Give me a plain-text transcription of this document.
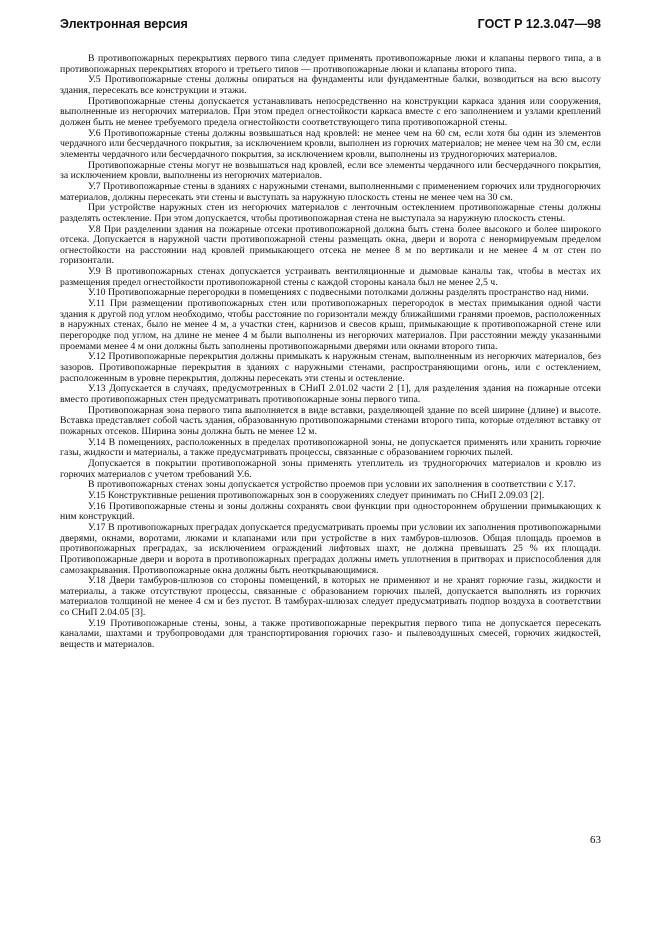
Электронная версия	ГОСТ Р 12.3.047—98

В противопожарных перекрытиях первого типа следует применять противопожарные люки и клапаны первого типа, а в противопожарных перекрытиях второго и третьего типов — противопожарные люки и клапаны второго типа.

У.5 Противопожарные стены должны опираться на фундаменты или фундаментные балки, возводиться на всю высоту здания, пересекать все конструкции и этажи.

Противопожарные стены допускается устанавливать непосредственно на конструкции каркаса здания или сооружения, выполненные из негорючих материалов. При этом предел огнестойкости каркаса вместе с его заполнением и узлами креплений должен быть не менее требуемого предела огнестойкости соответствующего типа противопожарной стены.

У.6 Противопожарные стены должны возвышаться над кровлей: не менее чем на 60 см, если хотя бы один из элементов чердачного или бесчердачного покрытия, за исключением кровли, выполнен из горючих материалов; не менее чем на 30 см, если элементы чердачного или бесчердачного покрытия, за исключением кровли, выполнены из трудногорючих материалов.

Противопожарные стены могут не возвышаться над кровлей, если все элементы чердачного или бесчердачного покрытия, за исключением кровли, выполнены из негорючих материалов.

У.7 Противопожарные стены в зданиях с наружными стенами, выполненными с применением горючих или трудногорючих материалов, должны пересекать эти стены и выступать за наружную плоскость стены не менее чем на 30 см.

При устройстве наружных стен из негорючих материалов с ленточным остеклением противопожарные стены должны разделять остекление. При этом допускается, чтобы противопожарная стена не выступала за наружную плоскость стены.

У.8 При разделении здания на пожарные отсеки противопожарной должна быть стена более высокого и более широкого отсека. Допускается в наружной части противопожарной стены размещать окна, двери и ворота с ненормируемым пределом огнестойкости на расстоянии над кровлей примыкающего отсека не менее 8 м по вертикали и не менее 4 м от стен по горизонтали.

У.9 В противопожарных стенах допускается устраивать вентиляционные и дымовые каналы так, чтобы в местах их размещения предел огнестойкости противопожарной стены с каждой стороны канала был не менее 2,5 ч.

У.10 Противопожарные перегородки в помещениях с подвесными потолками должны разделять пространство над ними.

У.11 При размещении противопожарных стен или противопожарных перегородок в местах примыкания одной части здания к другой под углом необходимо, чтобы расстояние по горизонтали между ближайшими гранями проемов, расположенных в наружных стенах, было не менее 4 м, а участки стен, карнизов и свесов крыш, примыкающие к противопожарной стене или перегородке под углом, на длине не менее 4 м были выполнены из негорючих материалов. При расстоянии между указанными проемами менее 4 м они должны быть заполнены противопожарными дверями или окнами второго типа.

У.12 Противопожарные перекрытия должны примыкать к наружным стенам, выполненным из негорючих материалов, без зазоров. Противопожарные перекрытия в зданиях с наружными стенами, распространяющими огонь, или с остеклением, расположенным в уровне перекрытия, должны пересекать эти стены и остекление.

У.13 Допускается в случаях, предусмотренных в СНиП 2.01.02 части 2 [1], для разделения здания на пожарные отсеки вместо противопожарных стен предусматривать противопожарные зоны первого типа.

Противопожарная зона первого типа выполняется в виде вставки, разделяющей здание по всей ширине (длине) и высоте. Вставка представляет собой часть здания, образованную противопожарными стенами второго типа, которые отделяют вставку от пожарных отсеков. Ширина зоны должна быть не менее 12 м.

У.14 В помещениях, расположенных в пределах противопожарной зоны, не допускается применять или хранить горючие газы, жидкости и материалы, а также предусматривать процессы, связанные с образованием горючих пылей.

Допускается в покрытии противопожарной зоны применять утеплитель из трудногорючих материалов и кровлю из горючих материалов с учетом требований У.6.

В противопожарных стенах зоны допускается устройство проемов при условии их заполнения в соответствии с У.17.

У.15 Конструктивные решения противопожарных зон в сооружениях следует принимать по СНиП 2.09.03 [2].

У.16 Противопожарные стены и зоны должны сохранять свои функции при одностороннем обрушении примыкающих к ним конструкций.

У.17 В противопожарных преградах допускается предусматривать проемы при условии их заполнения противопожарными дверями, окнами, воротами, люками и клапанами или при устройстве в них тамбуров-шлюзов. Общая площадь проемов в противопожарных преградах, за исключением ограждений лифтовых шахт, не должна превышать 25 % их площади. Противопожарные двери и ворота в противопожарных преградах должны иметь уплотнения в притворах и приспособления для самозакрывания. Противопожарные окна должны быть неоткрывающимися.

У.18 Двери тамбуров-шлюзов со стороны помещений, в которых не применяют и не хранят горючие газы, жидкости и материалы, а также отсутствуют процессы, связанные с образованием горючих пылей, допускается выполнять из горючих материалов толщиной не менее 4 см и без пустот. В тамбурах-шлюзах следует предусматривать подпор воздуха в соответствии со СНиП 2.04.05 [3].

У.19 Противопожарные стены, зоны, а также противопожарные перекрытия первого типа не допускается пересекать каналами, шахтами и трубопроводами для транспортирования горючих газо- и пылевоздушных смесей, горючих жидкостей, веществ и материалов.

63
